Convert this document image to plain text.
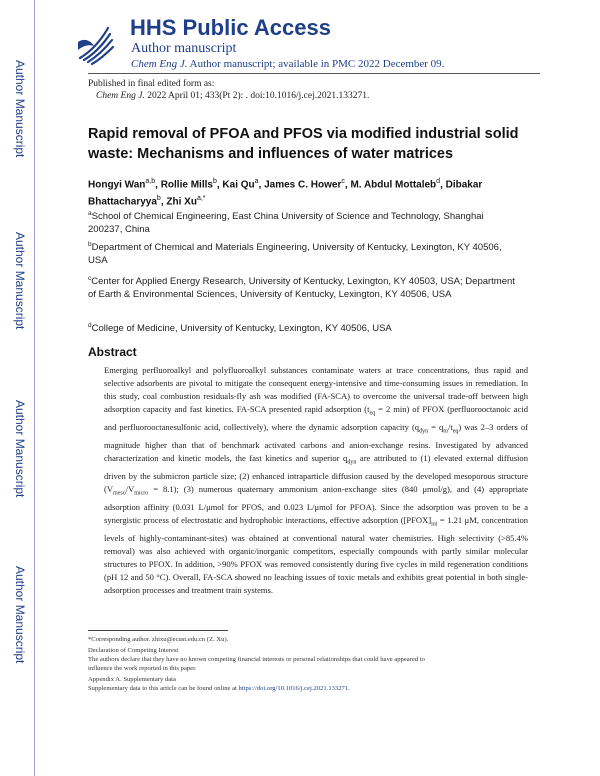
Author Manuscript
Author Manuscript
Author Manuscript
Author Manuscript
HHS Public Access
Author manuscript
Chem Eng J. Author manuscript; available in PMC 2022 December 09.
Published in final edited form as:
Chem Eng J. 2022 April 01; 433(Pt 2): . doi:10.1016/j.cej.2021.133271.
Rapid removal of PFOA and PFOS via modified industrial solid waste: Mechanisms and influences of water matrices
Hongyi Wan$^{a,b}$, Rollie Mills$^b$, Kai Qu$^a$, James C. Hower$^c$, M. Abdul Mottaleb$^d$, Dibakar Bhattacharyya$^b$, Zhi $Xu^{a,*}$
$^a$School of Chemical Engineering, East China University of Science and Technology, Shanghai 200237, China
$^b$Department of Chemical and Materials Engineering, University of Kentucky, Lexington, KY 40506, USA
$^c$Center for Applied Energy Research, University of Kentucky, Lexington, KY 40503, USA; Department of Earth & Environmental Sciences, University of Kentucky, Lexington, KY 40506, USA
$^d$College of Medicine, University of Kentucky, Lexington, KY 40506, USA
Abstract
Emerging perfluoroalkyl and polyfluoroalkyl substances contaminate waters at trace concentrations, thus rapid and selective adsorbents are pivotal to mitigate the consequent energy-intensive and time-consuming issues in remediation. In this study, coal combustion residuals-fly ash was modified (FA-SCA) to overcome the universal trade-off between high adsorption capacity and fast kinetics. FA-SCA presented rapid adsorption ($t_{eq} = 2$ min) of PFOX (perfluorooctanoic acid and perfluorooctanesulfonic acid, collectively), where the dynamic adsorption capacity $(q_{dyn} = q_m/t_{eq})$ was 2–3 orders of magnitude higher than that of benchmark activated carbons and anion-exchange resins. Investigated by advanced characterization and kinetic models, the fast kinetics and superior $q_{dyn}$ are attributed to (1) elevated external diffusion driven by the submicron particle size; (2) enhanced intraparticle diffusion caused by the developed mesoporous structure $(V_{meso}/V_{micro} = 8.1)$; (3) numerous quaternary ammonium anion-exchange sites (840 μmol/g), and (4) appropriate adsorption affinity (0.031 L/μmol for PFOS, and 0.023 L/μmol for PFOA). Since the adsorption was proven to be a synergistic process of electrostatic and hydrophobic interactions, effective adsorption ($[PFOX]_{ini} = 1.21$ μM, concentration levels of highly-contaminant-sites) was obtained at conventional natural water chemistries. High selectivity (>85.4% removal) was also achieved with organic/inorganic competitors, especially compounds with partly similar molecular structures to PFOX. In addition, >90% PFOX was removed consistently during five cycles in mild regeneration conditions (pH 12 and 50 °C). Overall, FA-SCA showed no leaching issues of toxic metals and exhibits great potential in both single-adsorption processes and treatment train systems.
*Corresponding author. zhixu@ecust.edu.cn (Z. Xu).
Declaration of Competing Interest
The authors declare that they have no known competing financial interests or personal relationships that could have appeared to
influence the work reported in this paper.
Appendix A. Supplementary data
Supplementary data to this article can be found online at https://doi.org/10.1016/j.cej.2021.133271.
